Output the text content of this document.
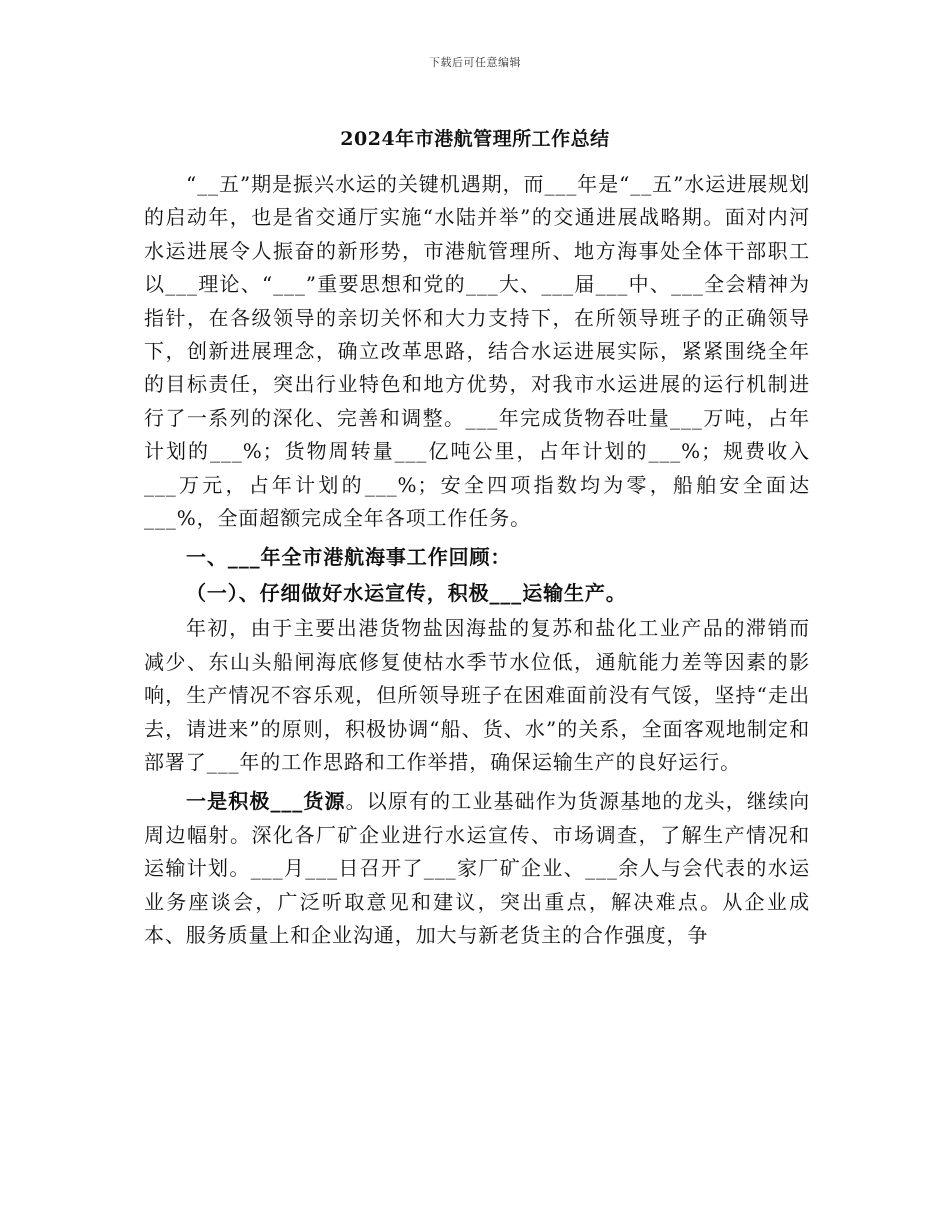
下载后可任意编辑
2024年市港航管理所工作总结

“__五”期是振兴水运的关键机遇期，而___年是“__五”水运进展规划的启动年，也是省交通厅实施“水陆并举”的交通进展战略期。面对内河水运进展令人振奋的新形势，市港航管理所、地方海事处全体干部职工以___理论、“___”重要思想和党的___大、___届___中、___全会精神为指针，在各级领导的亲切关怀和大力支持下，在所领导班子的正确领导下，创新进展理念，确立改革思路，结合水运进展实际，紧紧围绕全年的目标责任，突出行业特色和地方优势，对我市水运进展的运行机制进行了一系列的深化、完善和调整。___年完成货物吞吐量___万吨，占年计划的___%；货物周转量___亿吨公里，占年计划的___%；规费收入___万元，占年计划的___%；安全四项指数均为零，船舶安全面达___%，全面超额完成全年各项工作任务。

一、___年全市港航海事工作回顾：

（一）、仔细做好水运宣传，积极___运输生产。

年初，由于主要出港货物盐因海盐的复苏和盐化工业产品的滞销而减少、东山头船闸海底修复使枯水季节水位低，通航能力差等因素的影响，生产情况不容乐观，但所领导班子在困难面前没有气馁，坚持“走出去，请进来”的原则，积极协调“船、货、水”的关系，全面客观地制定和部署了___年的工作思路和工作举措，确保运输生产的良好运行。

一是积极___货源。以原有的工业基础作为货源基地的龙头，继续向周边幅射。深化各厂矿企业进行水运宣传、市场调查，了解生产情况和运输计划。___月___日召开了___家厂矿企业、___余人与会代表的水运业务座谈会，广泛听取意见和建议，突出重点，解决难点。从企业成本、服务质量上和企业沟通，加大与新老货主的合作强度，争
